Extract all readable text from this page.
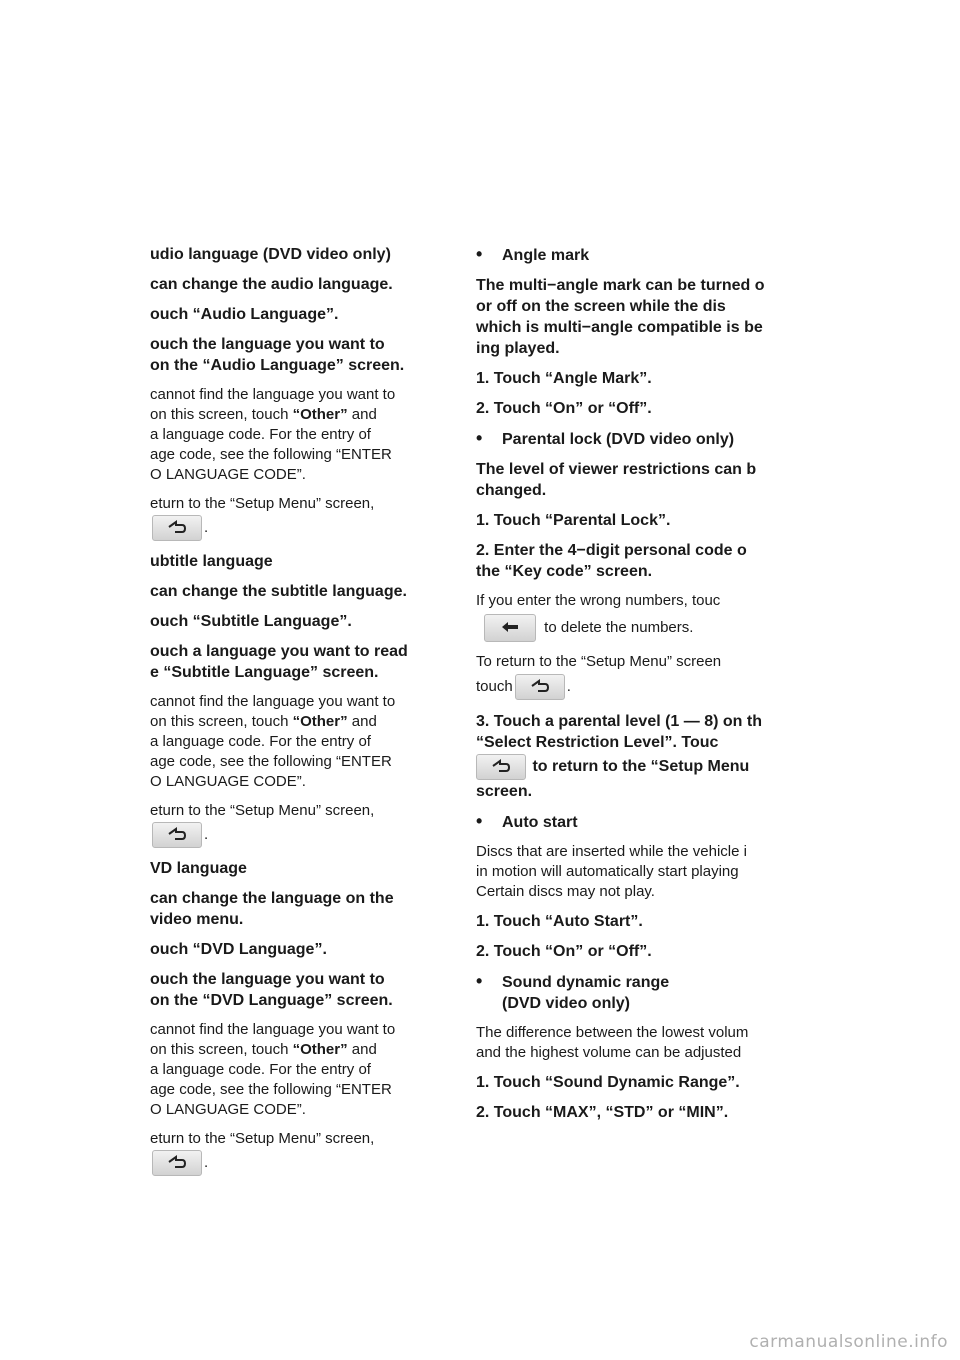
udio language (DVD video only)
can change the audio language.
ouch “Audio Language”.
ouch the language you want to
on the “Audio Language” screen.
cannot find the language you want to
on this screen, touch “Other” and
a language code. For the entry of
age code, see the following “ENTER
O LANGUAGE CODE”.
eturn to the “Setup Menu” screen,
.
ubtitle language
can change the subtitle language.
ouch “Subtitle Language”.
ouch a language you want to read
e “Subtitle Language” screen.
cannot find the language you want to
on this screen, touch “Other” and
a language code. For the entry of
age code, see the following “ENTER
O LANGUAGE CODE”.
eturn to the “Setup Menu” screen,
.
VD language
can change the language on the
video menu.
ouch “DVD Language”.
ouch the language you want to
on the “DVD Language” screen.
cannot find the language you want to
on this screen, touch “Other” and
a language code. For the entry of
age code, see the following “ENTER
O LANGUAGE CODE”.
eturn to the “Setup Menu” screen,
.
•	Angle mark
The multi−angle mark can be turned o
or off on the screen while the dis
which is multi−angle compatible is be
ing played.
1. Touch “Angle Mark”.
2. Touch “On” or “Off”.
•	Parental lock (DVD video only)
The level of viewer restrictions can b
changed.
1. Touch “Parental Lock”.
2. Enter the 4−digit personal code o
the “Key code” screen.
If you enter the wrong numbers, touc
to delete the numbers.
To return to the “Setup Menu” screen
touch	.
3. Touch a parental level (1 — 8) on th
“Select Restriction Level”. Touc
to return to the “Setup Menu
screen.
•	Auto start
Discs that are inserted while the vehicle i
in motion will automatically start playing
Certain discs may not play.
1. Touch “Auto Start”.
2. Touch “On” or “Off”.
•	Sound dynamic range
(DVD video only)
The difference between the lowest volum
and the highest volume can be adjusted
1. Touch “Sound Dynamic Range”.
2. Touch “MAX”, “STD” or “MIN”.
carmanualsonline.info
